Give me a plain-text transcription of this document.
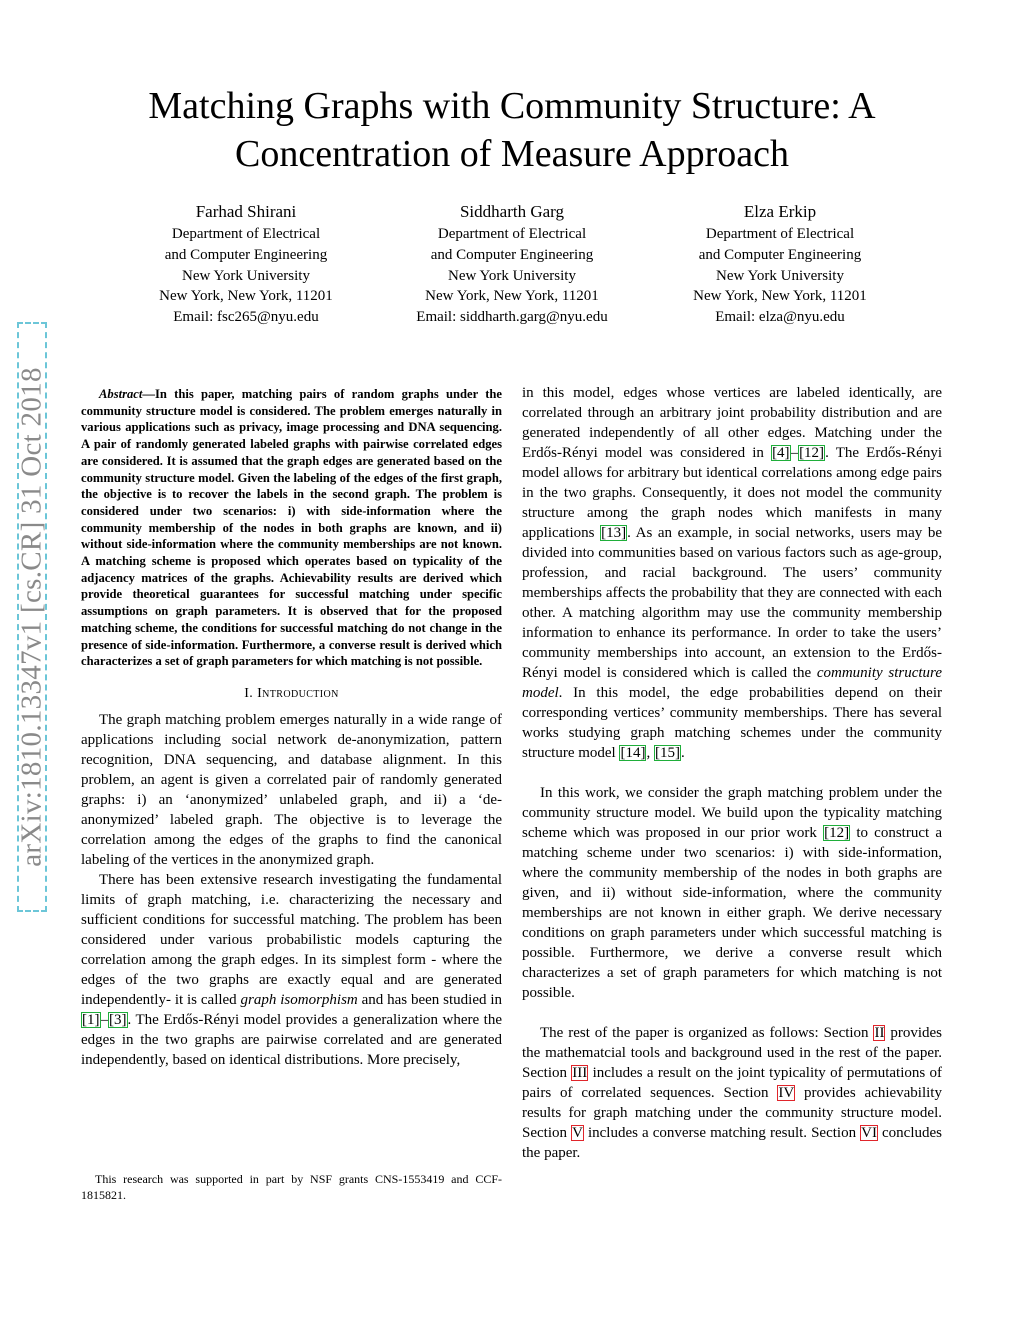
Matching Graphs with Community Structure: A
Concentration of Measure Approach
Farhad Shirani
Department of Electrical
and Computer Engineering
New York University
New York, New York, 11201
Email: fsc265@nyu.edu
Siddharth Garg
Department of Electrical
and Computer Engineering
New York University
New York, New York, 11201
Email: siddharth.garg@nyu.edu
Elza Erkip
Department of Electrical
and Computer Engineering
New York University
New York, New York, 11201
Email: elza@nyu.edu
arXiv:1810.13347v1 [cs.CR] 31 Oct 2018	Abstract—In this paper, matching pairs of random graphs under the community structure model is considered. The problem emerges naturally in various applications such as privacy, image processing and DNA sequencing. A pair of randomly generated labeled graphs with pairwise correlated edges are considered. It is assumed that the graph edges are generated based on the community structure model. Given the labeling of the edges of the first graph, the objective is to recover the labels in the second graph. The problem is considered under two scenarios: i) with side-information where the community membership of the nodes in both graphs are known, and ii) without side-information where the community memberships are not known. A matching scheme is proposed which operates based on typicality of the adjacency matrices of the graphs. Achievability results are derived which provide theoretical guarantees for successful matching under specific assumptions on graph parameters. It is observed that for the proposed matching scheme, the conditions for successful matching do not change in the presence of side-information. Furthermore, a converse result is derived which characterizes a set of graph parameters for which matching is not possible.

I. Introduction

The graph matching problem emerges naturally in a wide range of applications including social network de-anonymization, pattern recognition, DNA sequencing, and database alignment. In this problem, an agent is given a correlated pair of randomly generated graphs: i) an ‘anonymized’ unlabeled graph, and ii) a ‘de-anonymized’ labeled graph. The objective is to leverage the correlation among the edges of the graphs to find the canonical labeling of the vertices in the anonymized graph.

There has been extensive research investigating the fundamental limits of graph matching, i.e. characterizing the necessary and sufficient conditions for successful matching. The problem has been considered under various probabilistic models capturing the correlation among the graph edges. In its simplest form - where the edges of the two graphs are exactly equal and are generated independently- it is called graph isomorphism and has been studied in [1]–[3]. The Erdős-Rényi model provides a generalization where the edges in the two graphs are pairwise correlated and are generated independently, based on identical distributions. More precisely,

This research was supported in part by NSF grants CNS-1553419 and CCF-1815821.

in this model, edges whose vertices are labeled identically, are correlated through an arbitrary joint probability distribution and are generated independently of all other edges. Matching under the Erdős-Rényi model was considered in [4]–[12]. The Erdős-Rényi model allows for arbitrary but identical correlations among edge pairs in the two graphs. Consequently, it does not model the community structure among the graph nodes which manifests in many applications [13]. As an example, in social networks, users may be divided into communities based on various factors such as age-group, profession, and racial background. The users’ community memberships affects the probability that they are connected with each other. A matching algorithm may use the community membership information to enhance its performance. In order to take the users’ community memberships into account, an extension to the Erdős-Rényi model is considered which is called the community structure model. In this model, the edge probabilities depend on their corresponding vertices’ community memberships. There has several works studying graph matching schemes under the community structure model [14], [15].

In this work, we consider the graph matching problem under the community structure model. We build upon the typicality matching scheme which was proposed in our prior work [12] to construct a matching scheme under two scenarios: i) with side-information, where the community membership of the nodes in both graphs are given, and ii) without side-information, where the community memberships are not known in either graph. We derive necessary conditions on graph parameters under which successful matching is possible. Furthermore, we derive a converse result which characterizes a set of graph parameters for which matching is not possible.

The rest of the paper is organized as follows: Section II provides the mathematcial tools and background used in the rest of the paper. Section III includes a result on the joint typicality of permutations of pairs of correlated sequences. Section IV provides achievability results for graph matching under the community structure model. Section V includes a converse matching result. Section VI concludes the paper.
